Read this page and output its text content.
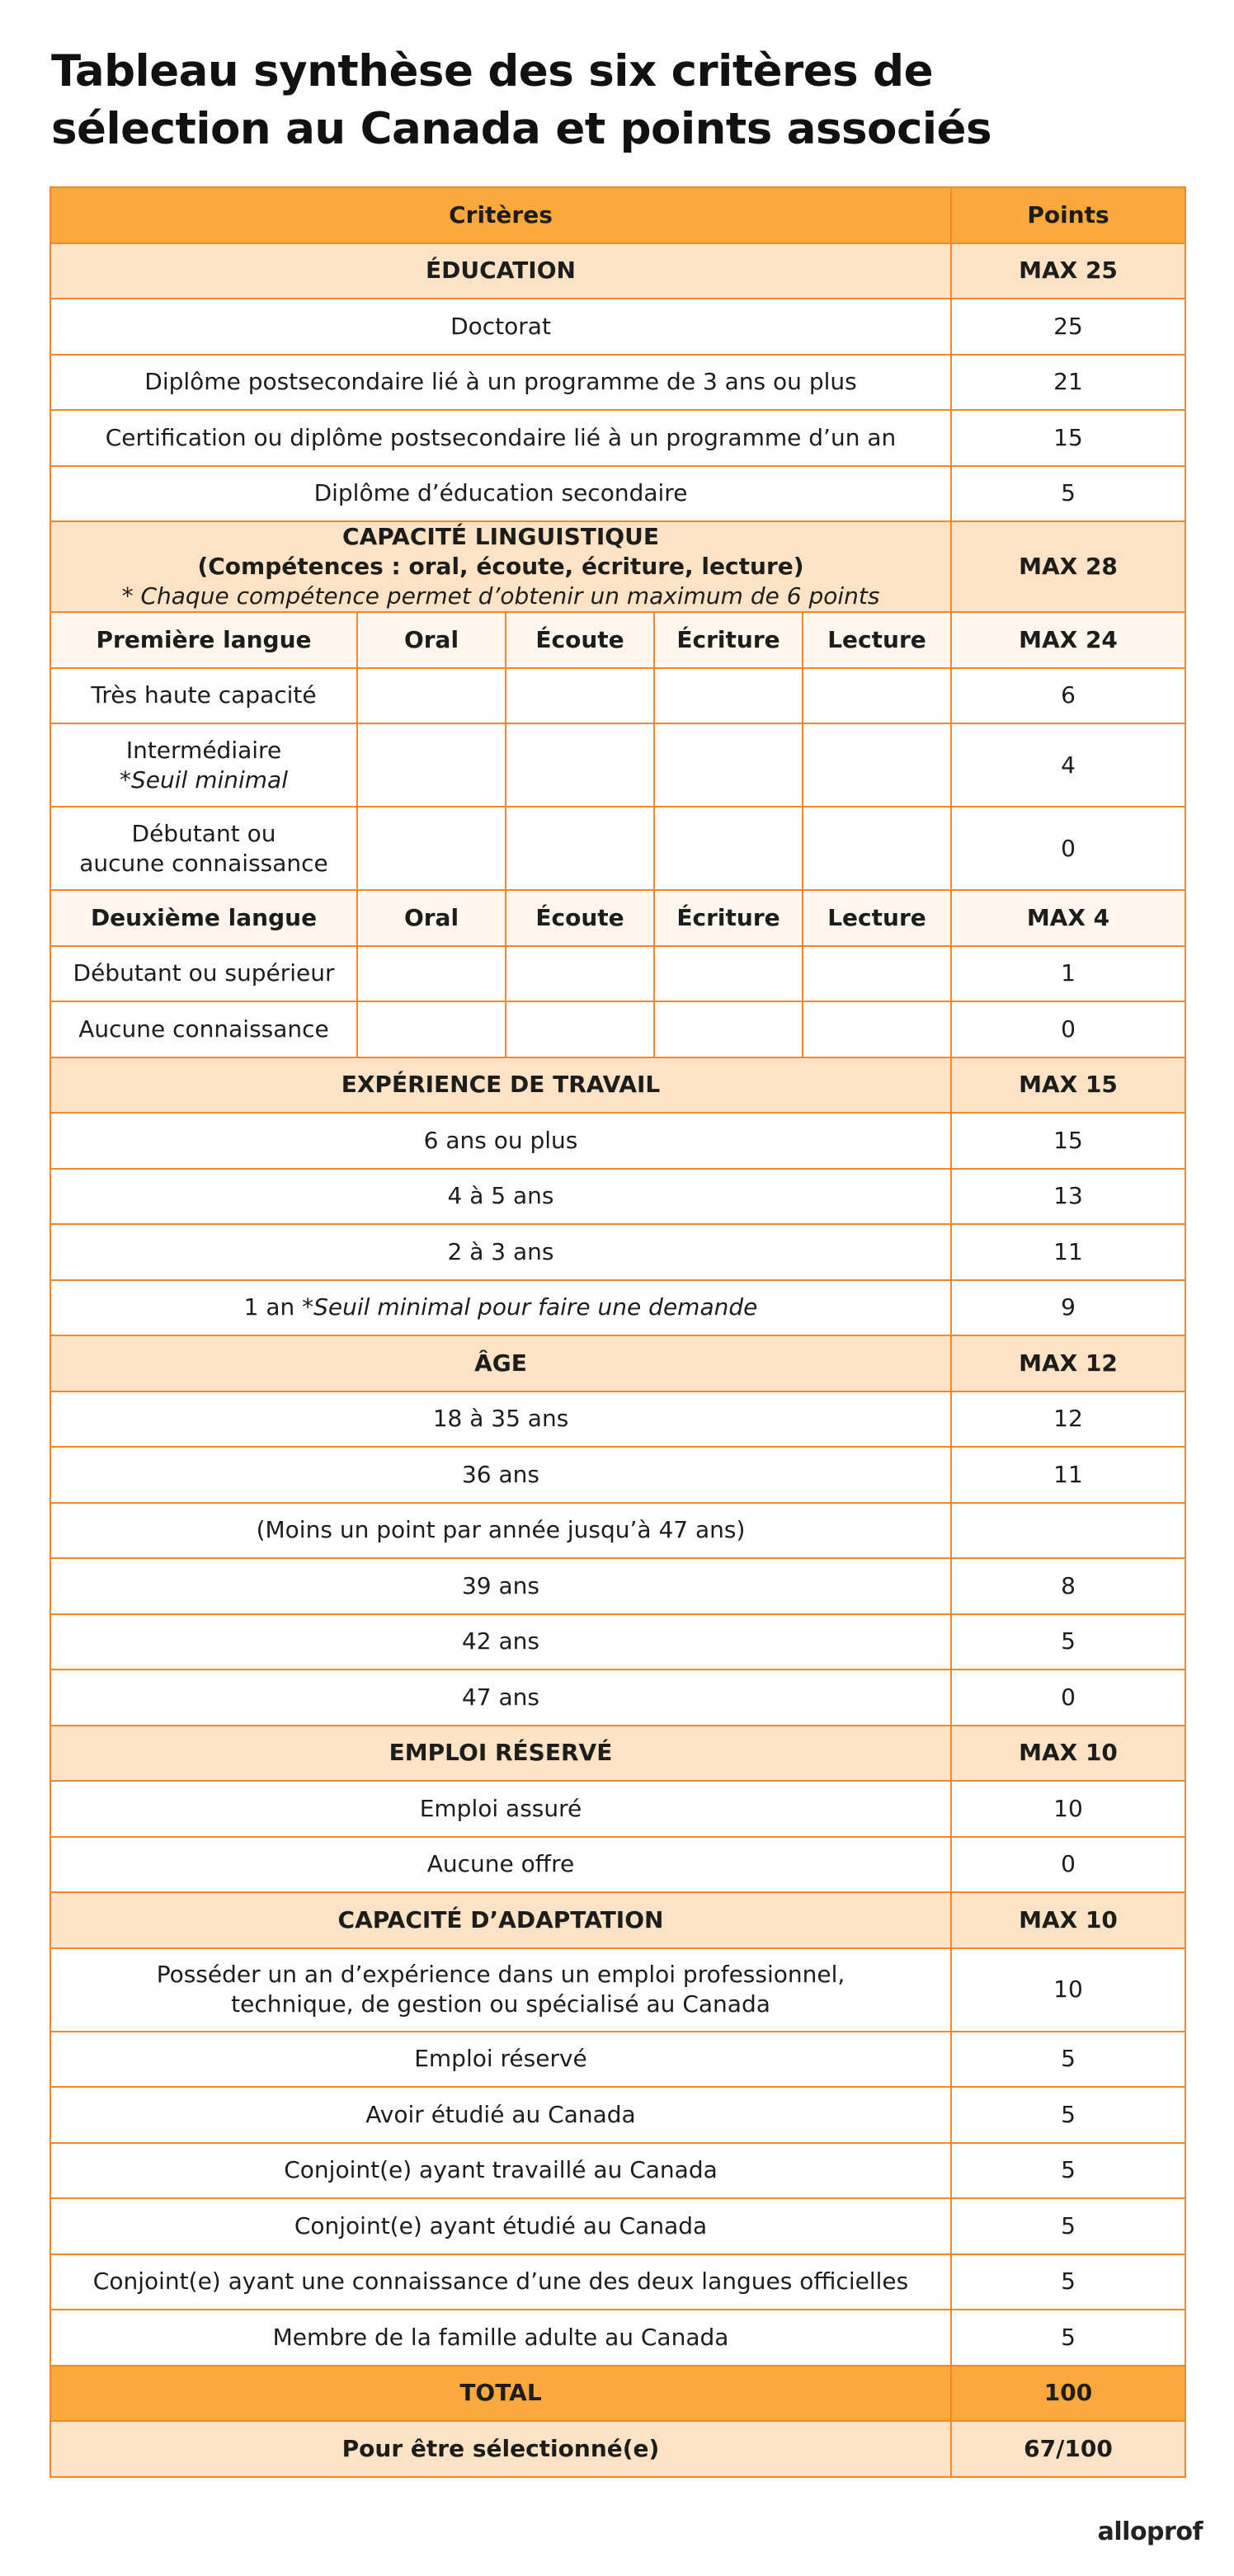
Tableau synthèse des six critères de
sélection au Canada et points associés
Critères					Points
ÉDUCATION					MAX 25
Doctorat					25
Diplôme postsecondaire lié à un programme de 3 ans ou plus					21
Certification ou diplôme postsecondaire lié à un programme d’un an					15
Diplôme d’éducation secondaire					5

CAPACITÉ LINGUISTIQUE
(Compétences : oral, écoute, écriture, lecture)
* Chaque compétence permet d’obtenir un maximum de 6 points					MAX 28
Première langue	Oral	Écoute	Écriture	Lecture	MAX 24
Très haute capacité					6

Intermédiaire
*Seuil minimal					4

Débutant ou
aucune connaissance					0
Deuxième langue	Oral	Écoute	Écriture	Lecture	MAX 4
Débutant ou supérieur					1
Aucune connaissance					0
EXPÉRIENCE DE TRAVAIL					MAX 15
6 ans ou plus					15
4 à 5 ans					13
2 à 3 ans					11
1 an *Seuil minimal pour faire une demande					9
ÂGE					MAX 12
18 à 35 ans					12
36 ans					11
(Moins un point par année jusqu’à 47 ans)					
39 ans					8
42 ans					5
47 ans					0
EMPLOI RÉSERVÉ					MAX 10
Emploi assuré					10
Aucune offre					0
CAPACITÉ D’ADAPTATION					MAX 10

Posséder un an d’expérience dans un emploi professionnel,
technique, de gestion ou spécialisé au Canada					10
Emploi réservé					5
Avoir étudié au Canada					5
Conjoint(e) ayant travaillé au Canada					5
Conjoint(e) ayant étudié au Canada					5
Conjoint(e) ayant une connaissance d’une des deux langues officielles					5
Membre de la famille adulte au Canada					5
TOTAL					100
Pour être sélectionné(e)					67/100
alloprof
